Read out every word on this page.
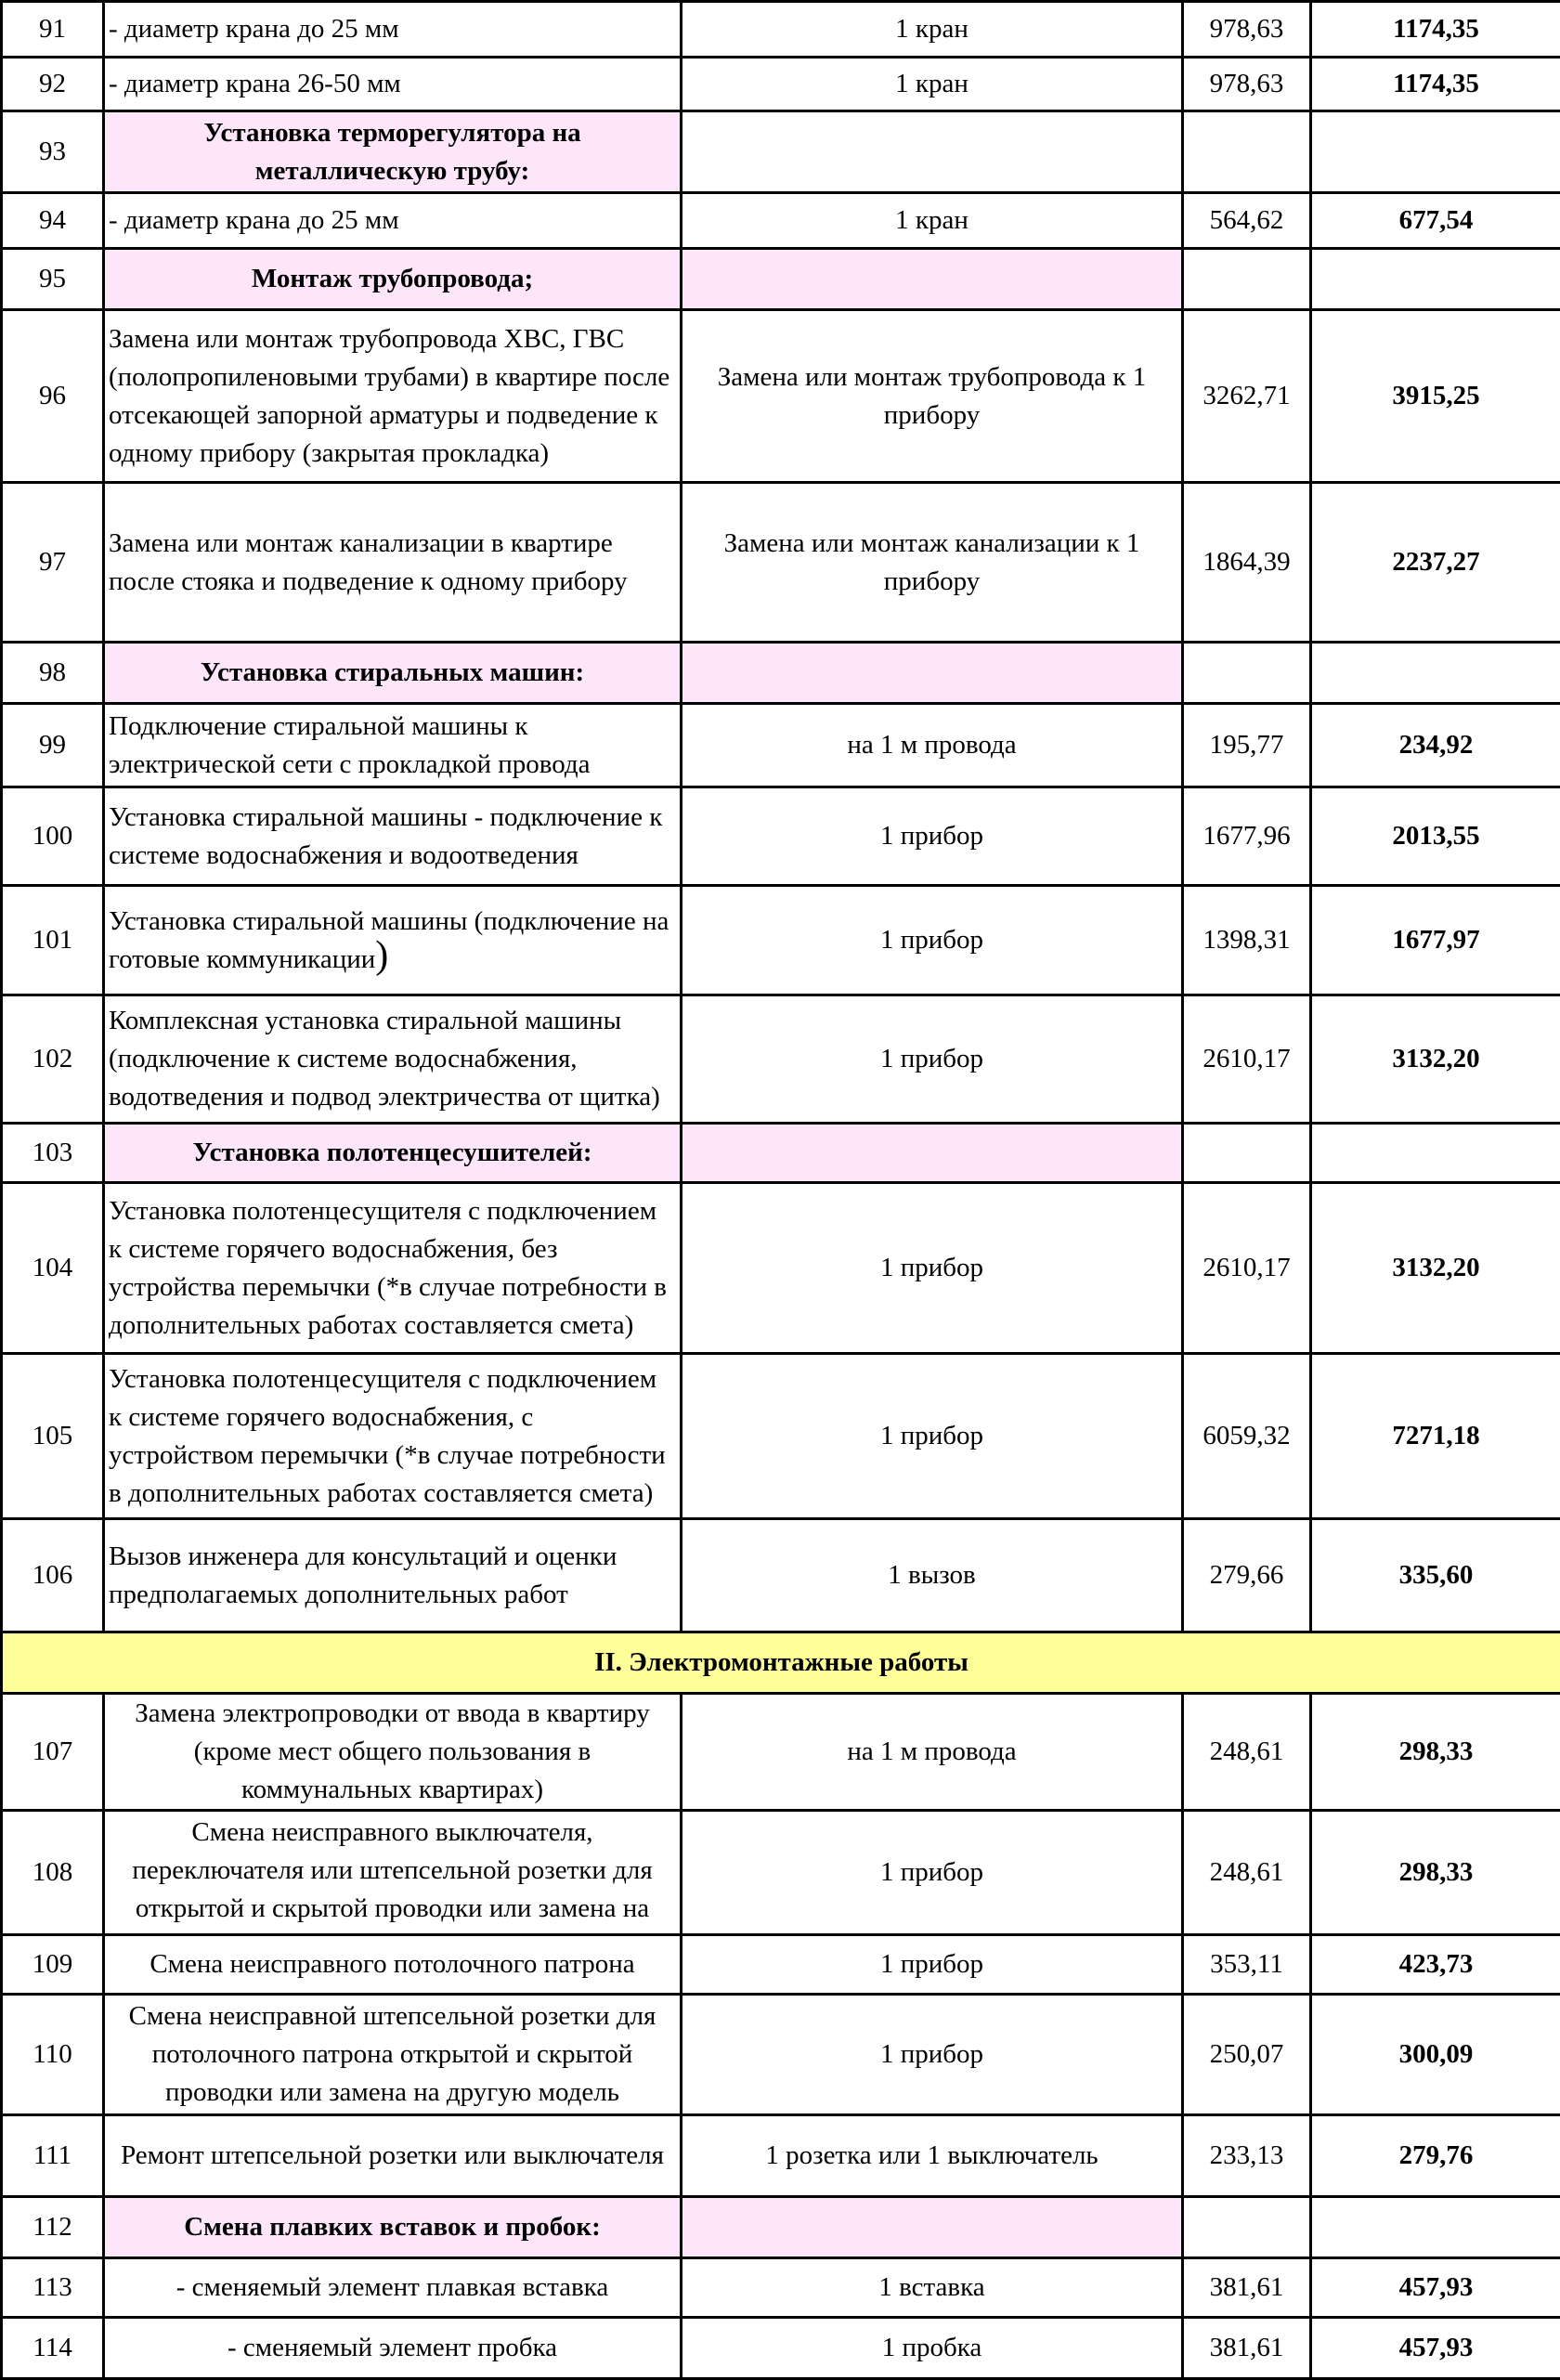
91	- диаметр крана до 25 мм	1 кран	978,63	1174,35
92	- диаметр крана 26-50 мм	1 кран	978,63	1174,35
93	Установка терморегулятора на металлическую трубу:			
94	- диаметр крана до 25 мм	1 кран	564,62	677,54
95	Монтаж трубопровода;			
96	Замена или монтаж трубопровода ХВС, ГВС (полопропиленовыми трубами) в квартире после отсекающей запорной арматуры и подведение к одному прибору (закрытая прокладка)	Замена или монтаж трубопровода к 1 прибору	3262,71	3915,25
97	Замена или монтаж канализации в квартире после стояка и подведение к одному прибору	Замена или монтаж канализации к 1 прибору	1864,39	2237,27
98	Установка стиральных машин:			
99	Подключение стиральной машины к электрической сети с прокладкой провода	на 1 м провода	195,77	234,92
100	Установка стиральной машины - подключение к системе водоснабжения и водоотведения	1 прибор	1677,96	2013,55
101	Установка стиральной машины (подключение на готовые коммуникации)	1 прибор	1398,31	1677,97
102	Комплексная установка стиральной машины (подключение к системе водоснабжения, водотведения и подвод электричества от щитка)	1 прибор	2610,17	3132,20
103	Установка полотенцесушителей:			
104	Установка полотенцесущителя с подключением к системе горячего водоснабжения, без устройства перемычки (*в случае потребности в дополнительных работах составляется смета)	1 прибор	2610,17	3132,20
105	Установка полотенцесущителя с подключением к системе горячего водоснабжения, с устройством перемычки (*в случае потребности в дополнительных работах составляется смета)	1 прибор	6059,32	7271,18
106	Вызов инженера для консультаций и оценки предполагаемых дополнительных работ	1 вызов	279,66	335,60
II. Электромонтажные работы				
107	Замена электропроводки от ввода в квартиру (кроме мест общего пользования в коммунальных квартирах)	на 1 м провода	248,61	298,33
108	Смена неисправного выключателя, переключателя или штепсельной розетки для открытой и скрытой проводки или замена на	1 прибор	248,61	298,33
109	Смена неисправного потолочного патрона	1 прибор	353,11	423,73
110	Смена неисправной штепсельной розетки для потолочного патрона открытой и скрытой проводки или замена на другую модель	1 прибор	250,07	300,09
111	Ремонт штепсельной розетки или выключателя	1 розетка или 1 выключатель	233,13	279,76
112	Смена плавких вставок и пробок:			
113	- сменяемый элемент плавкая вставка	1 вставка	381,61	457,93
114	- сменяемый элемент пробка	1 пробка	381,61	457,93
